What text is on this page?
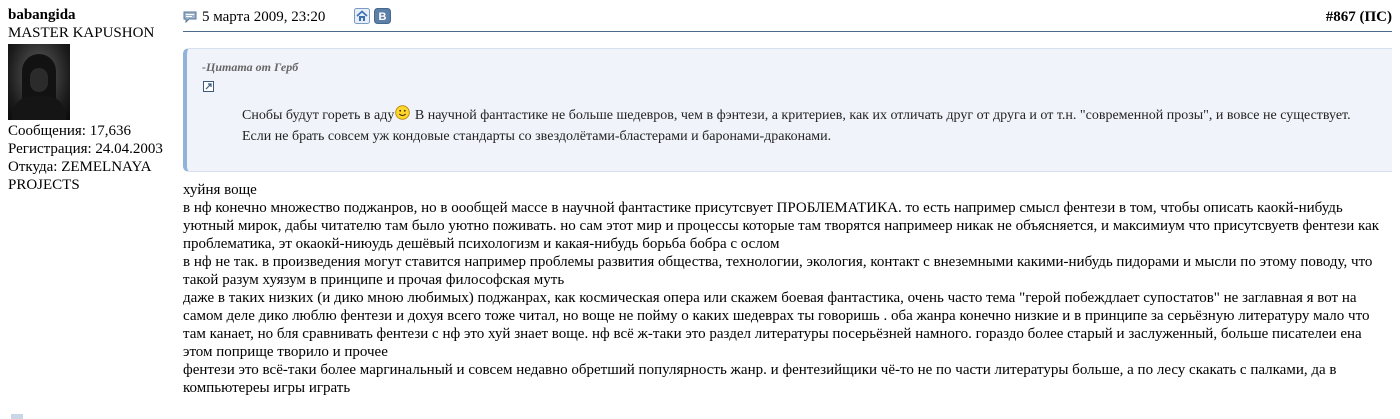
babangida
MASTER KAPUSHON
Сообщения: 17,636
Регистрация: 24.04.2003
Откуда: ZEMELNAYA
PROJECTS
5 марта 2009, 23:20	B	#867 (ПС)
-Цитата от Герб
Снобы будут гореть в аду В научной фантастике не больше шедевров, чем в фэнтези, а критериев, как их отличать друг от друга и от т.н. "современной прозы", и вовсе не существует. Если не брать совсем уж кондовые стандарты со звездолётами-бластерами и баронами-драконами.

хуйня воще

в нф конечно множество поджанров, но в оообщей массе в научной фантастике присутсвует ПРОБЛЕМАТИКА. то есть например смысл фентези в том, чтобы описать каокй-нибудь уютный мирок, дабы читателю там было уютно поживать. но сам этот мир и процессы которые там творятся напримеер никак не объясняется, и максимиум что присутсвуетв фентези как проблематика, эт окаокй-ниюудь дешёвый психологизм и какая-нибудь борьба бобра с ослом

в нф не так. в произведения могут ставится например проблемы развития общества, технологии, экология, контакт с внеземными какими-нибудь пидорами и мысли по этому поводу, что такой разум хуязум в принципе и прочая философская муть

даже в таких низких (и дико мною любимых) поджанрах, как космическая опера или скажем боевая фантастика, очень часто тема "герой побеждлает супостатов" не заглавная я вот на самом деле дико люблю фентези и дохуя всего тоже читал, но воще не пойму о каких шедеврах ты говоришь . оба жанра конечно низкие и в принципе за серьёзную литературу мало что там канает, но бля сравнивать фентези с нф это хуй знает воще. нф всё ж-таки это раздел литературы посерьёзней намного. гораздо более старый и заслуженный, больше писателеи ена этом поприще творило и прочее

фентези это всё-таки более маргинальный и совсем недавно обретший популярность жанр. и фентезийщики чё-то не по части литературы больше, а по лесу скакать с палками, да в компьютереы игры играть
